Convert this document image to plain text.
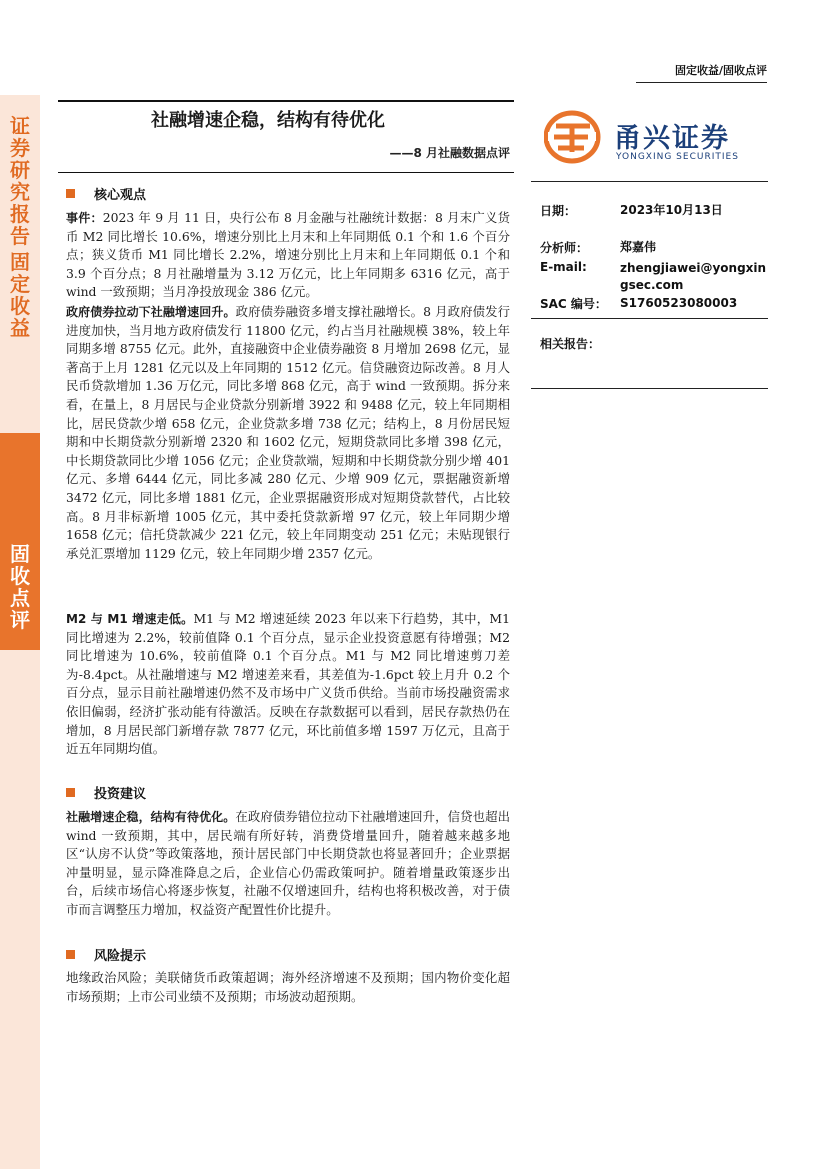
证
券
研
究
报
告
固
定
收
益
固
收
点
评
固定收益/固收点评
社融增速企稳，结构有待优化
——8 月社融数据点评	甬兴证券
YONGXING SECURITIES
日期：	2023年10月13日
分析师：	郑嘉伟
E-mail:	zhengjiawei@yongxingsec.com
SAC 编号： S1760523080003
相关报告：
核心观点
事件：2023 年 9 月 11 日，央行公布 8 月金融与社融统计数据：8 月末广义货币 M2 同比增长 10.6%，增速分别比上月末和上年同期低 0.1 个和 1.6 个百分点；狭义货币 M1 同比增长 2.2%，增速分别比上月末和上年同期低 0.1 个和 3.9 个百分点；8 月社融增量为 3.12 万亿元，比上年同期多 6316 亿元，高于 wind 一致预期；当月净投放现金 386 亿元。
政府债券拉动下社融增速回升。政府债券融资多增支撑社融增长。8 月政府债发行进度加快，当月地方政府债发行 11800 亿元，约占当月社融规模 38%，较上年同期多增 8755 亿元。此外，直接融资中企业债券融资 8 月增加 2698 亿元，显著高于上月 1281 亿元以及上年同期的 1512 亿元。信贷融资边际改善。8 月人民币贷款增加 1.36 万亿元，同比多增 868 亿元，高于 wind 一致预期。拆分来看，在量上，8 月居民与企业贷款分别新增 3922 和 9488 亿元，较上年同期相比，居民贷款少增 658 亿元，企业贷款多增 738 亿元；结构上，8 月份居民短期和中长期贷款分别新增 2320 和 1602 亿元，短期贷款同比多增 398 亿元，中长期贷款同比少增 1056 亿元；企业贷款端，短期和中长期贷款分别少增 401 亿元、多增 6444 亿元，同比多减 280 亿元、少增 909 亿元，票据融资新增 3472 亿元，同比多增 1881 亿元，企业票据融资形成对短期贷款替代，占比较高。8 月非标新增 1005 亿元，其中委托贷款新增 97 亿元，较上年同期少增 1658 亿元；信托贷款减少 221 亿元，较上年同期变动 251 亿元；未贴现银行承兑汇票增加 1129 亿元，较上年同期少增 2357 亿元。
M2 与 M1 增速走低。M1 与 M2 增速延续 2023 年以来下行趋势，其中，M1 同比增速为 2.2%，较前值降 0.1 个百分点，显示企业投资意愿有待增强；M2 同比增速为 10.6%，较前值降 0.1 个百分点。M1 与 M2 同比增速剪刀差为-8.4pct。从社融增速与 M2 增速差来看，其差值为-1.6pct 较上月升 0.2 个百分点，显示目前社融增速仍然不及市场中广义货币供给。当前市场投融资需求依旧偏弱，经济扩张动能有待激活。反映在存款数据可以看到，居民存款热仍在增加，8 月居民部门新增存款 7877 亿元，环比前值多增 1597 万亿元，且高于近五年同期均值。
投资建议
社融增速企稳，结构有待优化。在政府债券错位拉动下社融增速回升，信贷也超出 wind 一致预期，其中，居民端有所好转，消费贷增量回升，随着越来越多地区“认房不认贷”等政策落地，预计居民部门中长期贷款也将显著回升；企业票据冲量明显，显示降准降息之后，企业信心仍需政策呵护。随着增量政策逐步出台，后续市场信心将逐步恢复，社融不仅增速回升，结构也将积极改善，对于债市而言调整压力增加，权益资产配置性价比提升。
风险提示
地缘政治风险；美联储货币政策超调；海外经济增速不及预期；国内物价变化超市场预期；上市公司业绩不及预期；市场波动超预期。
